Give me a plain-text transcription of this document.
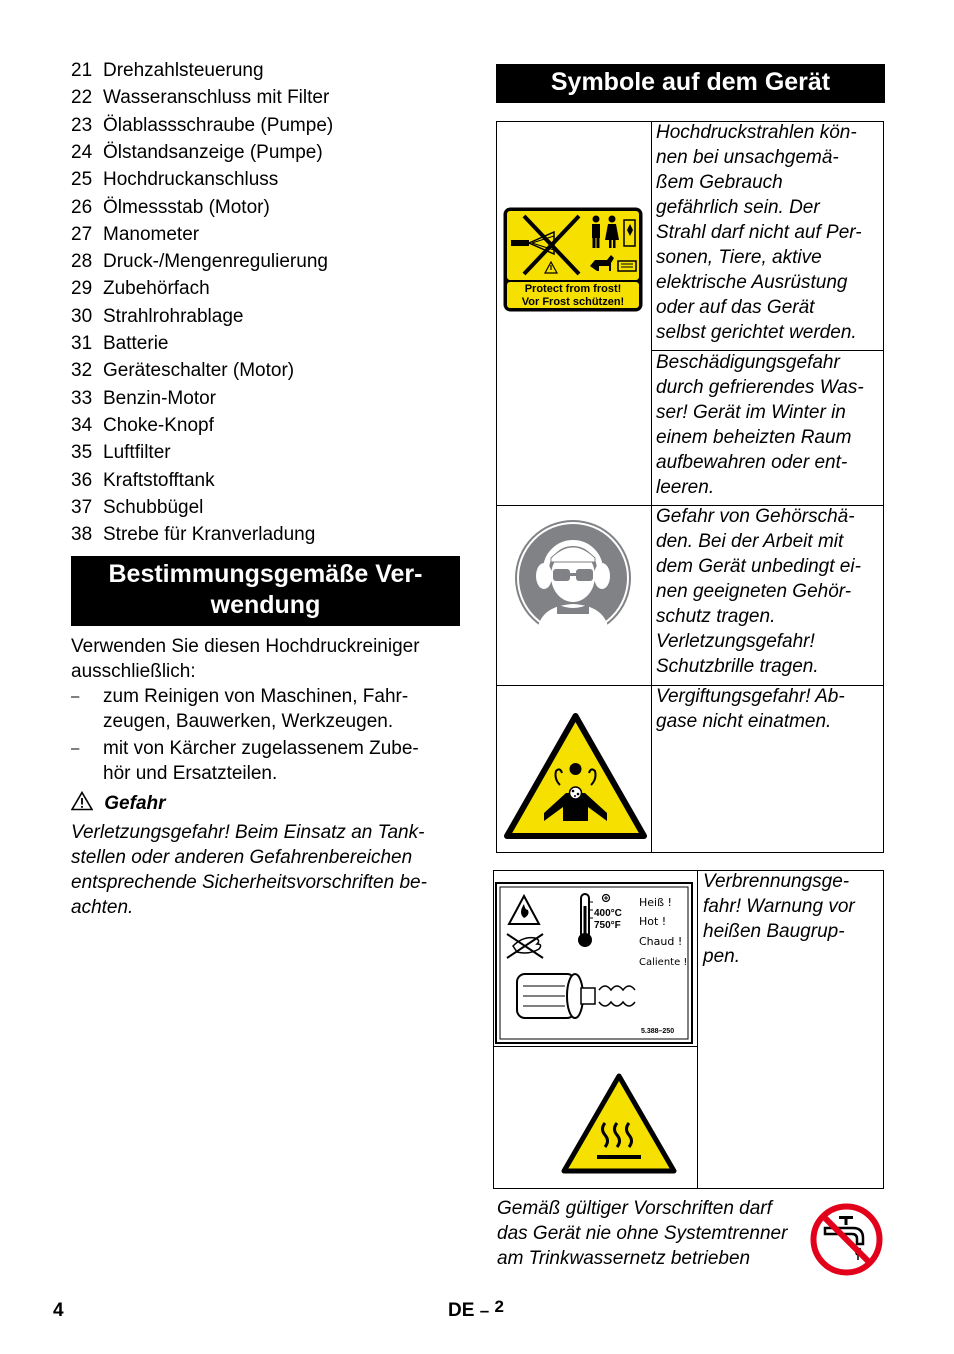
21 Drehzahlsteuerung
22 Wasseranschluss mit Filter
23 Ölablassschraube (Pumpe)
24 Ölstandsanzeige (Pumpe)
25 Hochdruckanschluss
26 Ölmessstab (Motor)
27 Manometer
28 Druck-/Mengenregulierung
29 Zubehörfach
30 Strahlrohrablage
31 Batterie
32 Geräteschalter (Motor)
33 Benzin-Motor
34 Choke-Knopf
35 Luftfilter
36 Kraftstofftank
37 Schubbügel
38 Strebe für Kranverladung
Bestimmungsgemäße Ver-
wendung
Verwenden Sie diesen Hochdruckreiniger
ausschließlich:
– zum Reinigen von Maschinen, Fahr-
zeugen, Bauwerken, Werkzeugen.
– mit von Kärcher zugelassenem Zube-
hör und Ersatzteilen.
Gefahr
Verletzungsgefahr! Beim Einsatz an Tank-
stellen oder anderen Gefahrenbereichen
entsprechende Sicherheitsvorschriften be-
achten.
Symbole auf dem Gerät
Protect from frost!
Vor Frost schützen!
Hochdruckstrahlen kön-
nen bei unsachgemä-
ßem Gebrauch
gefährlich sein. Der
Strahl darf nicht auf Per-
sonen, Tiere, aktive
elektrische Ausrüstung
oder auf das Gerät
selbst gerichtet werden.
Beschädigungsgefahr
durch gefrierendes Was-
ser! Gerät im Winter in
einem beheizten Raum
aufbewahren oder ent-
leeren.
Gefahr von Gehörschä-
den. Bei der Arbeit mit
dem Gerät unbedingt ei-
nen geeigneten Gehör-
schutz tragen.
Verletzungsgefahr!
Schutzbrille tragen.
Vergiftungsgefahr! Ab-
gase nicht einatmen.
400°C
750°F
Heiß !
Hot !
Chaud !
Caliente !
5.388–250
Verbrennungsge-
fahr! Warnung vor
heißen Baugrup-
pen.
Gemäß gültiger Vorschriften darf
das Gerät nie ohne Systemtrenner
am Trinkwassernetz betrieben
4	DE – 2
